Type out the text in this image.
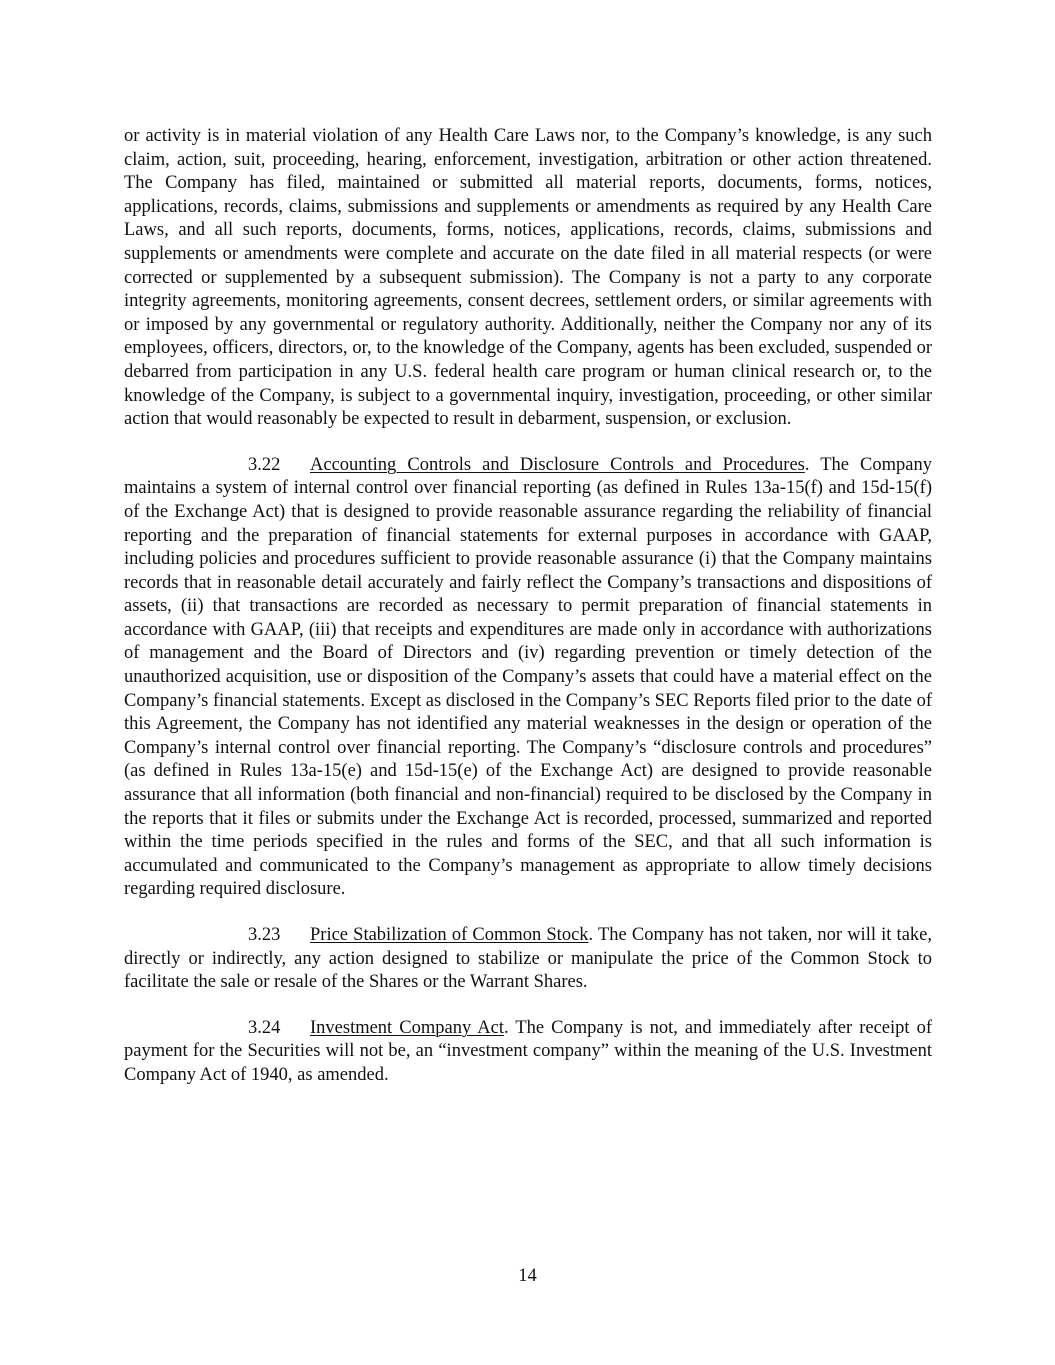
or activity is in material violation of any Health Care Laws nor, to the Company’s knowledge, is any such claim, action, suit, proceeding, hearing, enforcement, investigation, arbitration or other action threatened. The Company has filed, maintained or submitted all material reports, documents, forms, notices, applications, records, claims, submissions and supplements or amendments as required by any Health Care Laws, and all such reports, documents, forms, notices, applications, records, claims, submissions and supplements or amendments were complete and accurate on the date filed in all material respects (or were corrected or supplemented by a subsequent submission). The Company is not a party to any corporate integrity agreements, monitoring agreements, consent decrees, settlement orders, or similar agreements with or imposed by any governmental or regulatory authority. Additionally, neither the Company nor any of its employees, officers, directors, or, to the knowledge of the Company, agents has been excluded, suspended or debarred from participation in any U.S. federal health care program or human clinical research or, to the knowledge of the Company, is subject to a governmental inquiry, investigation, proceeding, or other similar action that would reasonably be expected to result in debarment, suspension, or exclusion.

3.22 Accounting Controls and Disclosure Controls and Procedures. The Company maintains a system of internal control over financial reporting (as defined in Rules 13a-15(f) and 15d-15(f) of the Exchange Act) that is designed to provide reasonable assurance regarding the reliability of financial reporting and the preparation of financial statements for external purposes in accordance with GAAP, including policies and procedures sufficient to provide reasonable assurance (i) that the Company maintains records that in reasonable detail accurately and fairly reflect the Company’s transactions and dispositions of assets, (ii) that transactions are recorded as necessary to permit preparation of financial statements in accordance with GAAP, (iii) that receipts and expenditures are made only in accordance with authorizations of management and the Board of Directors and (iv) regarding prevention or timely detection of the unauthorized acquisition, use or disposition of the Company’s assets that could have a material effect on the Company’s financial statements. Except as disclosed in the Company’s SEC Reports filed prior to the date of this Agreement, the Company has not identified any material weaknesses in the design or operation of the Company’s internal control over financial reporting. The Company’s “disclosure controls and procedures” (as defined in Rules 13a-15(e) and 15d-15(e) of the Exchange Act) are designed to provide reasonable assurance that all information (both financial and non-financial) required to be disclosed by the Company in the reports that it files or submits under the Exchange Act is recorded, processed, summarized and reported within the time periods specified in the rules and forms of the SEC, and that all such information is accumulated and communicated to the Company’s management as appropriate to allow timely decisions regarding required disclosure.

3.23 Price Stabilization of Common Stock. The Company has not taken, nor will it take, directly or indirectly, any action designed to stabilize or manipulate the price of the Common Stock to facilitate the sale or resale of the Shares or the Warrant Shares.

3.24 Investment Company Act. The Company is not, and immediately after receipt of payment for the Securities will not be, an “investment company” within the meaning of the U.S. Investment Company Act of 1940, as amended.

14
